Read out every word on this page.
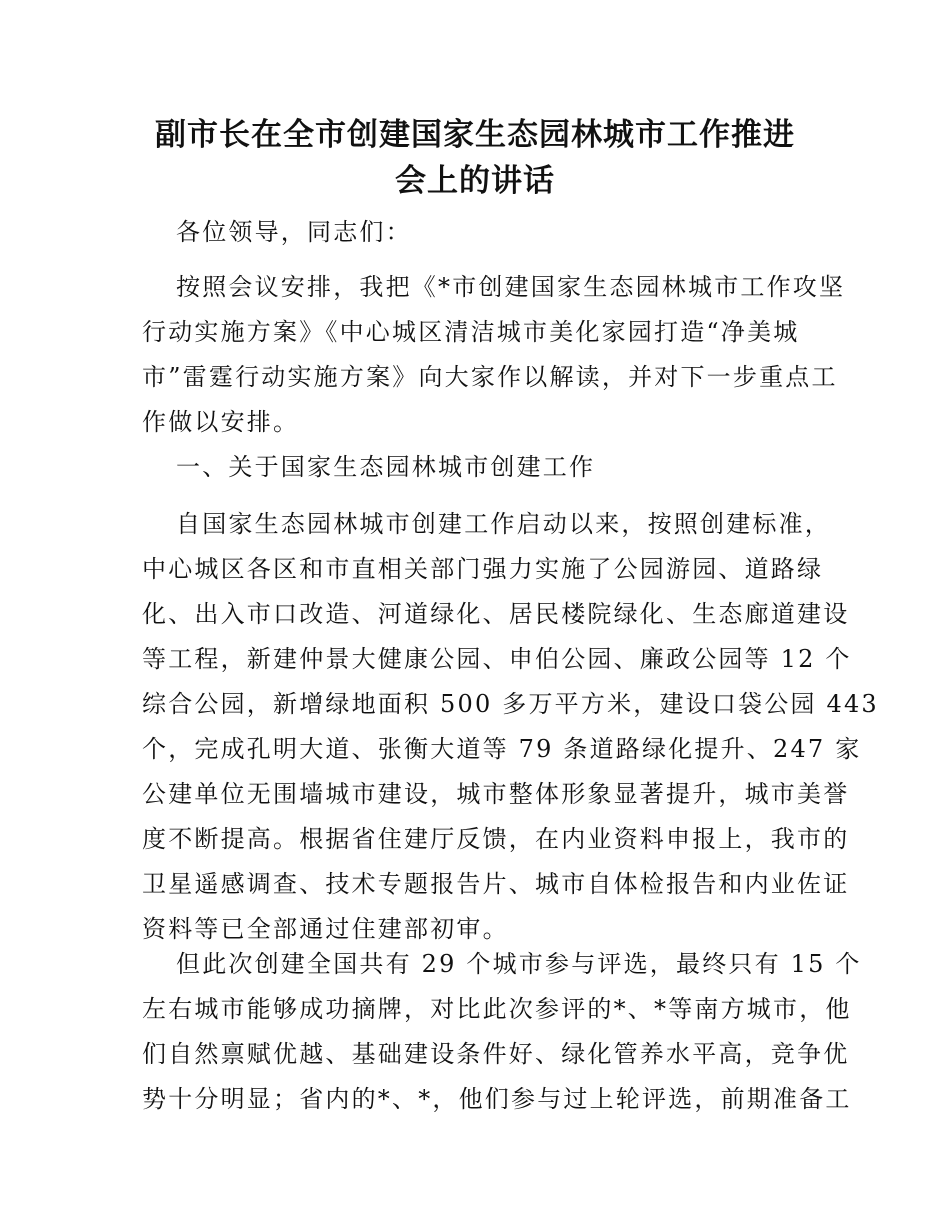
副市长在全市创建国家生态园林城市工作推进
会上的讲话

各位领导，同志们：

按照会议安排，我把《*市创建国家生态园林城市工作攻坚
行动实施方案》《中心城区清洁城市美化家园打造“净美城
市”雷霆行动实施方案》向大家作以解读，并对下一步重点工
作做以安排。

一、关于国家生态园林城市创建工作

自国家生态园林城市创建工作启动以来，按照创建标准，
中心城区各区和市直相关部门强力实施了公园游园、道路绿
化、出入市口改造、河道绿化、居民楼院绿化、生态廊道建设
等工程，新建仲景大健康公园、申伯公园、廉政公园等 12 个
综合公园，新增绿地面积 500 多万平方米，建设口袋公园 443
个，完成孔明大道、张衡大道等 79 条道路绿化提升、247 家
公建单位无围墙城市建设，城市整体形象显著提升，城市美誉
度不断提高。根据省住建厅反馈，在内业资料申报上，我市的
卫星遥感调查、技术专题报告片、城市自体检报告和内业佐证
资料等已全部通过住建部初审。

但此次创建全国共有 29 个城市参与评选，最终只有 15 个
左右城市能够成功摘牌，对比此次参评的*、*等南方城市，他
们自然禀赋优越、基础建设条件好、绿化管养水平高，竞争优
势十分明显；省内的*、*，他们参与过上轮评选，前期准备工
